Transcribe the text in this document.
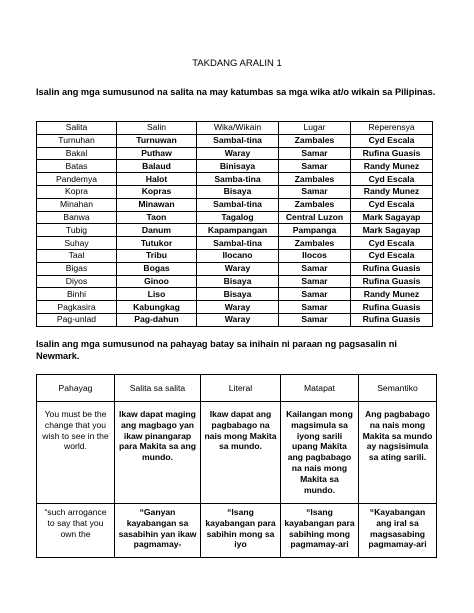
TAKDANG ARALIN 1
Isalin ang mga sumusunod na salita na may katumbas sa mga wika at/o wikain sa Pilipinas.
Salita	Salin	Wika/Wikain	Lugar	Reperensya
Turnuhan	Turnuwan	Sambal-tina	Zambales	Cyd Escala
Bakal	Puthaw	Waray	Samar	Rufina Guasis
Batas	Balaud	Binisaya	Samar	Randy Munez
Pandemya	Halot	Samba-tina	Zambales	Cyd Escala
Kopra	Kopras	Bisaya	Samar	Randy Munez
Minahan	Minawan	Sambal-tina	Zambales	Cyd Escala
Banwa	Taon	Tagalog	Central Luzon	Mark Sagayap
Tubig	Danum	Kapampangan	Pampanga	Mark Sagayap
Suhay	Tutukor	Sambal-tina	Zambales	Cyd Escala
Taal	Tribu	Ilocano	Ilocos	Cyd Escala
Bigas	Bogas	Waray	Samar	Rufina Guasis
Diyos	Ginoo	Bisaya	Samar	Rufina Guasis
Binhi	Liso	Bisaya	Samar	Randy Munez
Pagkasira	Kabungkag	Waray	Samar	Rufina Guasis
Pag-unlad	Pag-dahun	Waray	Samar	Rufina Guasis
Isalin ang mga sumusunod na pahayag batay sa inihain ni paraan ng pagsasalin ni Newmark.
Pahayag	Salita sa salita	Literal	Matapat	Semantiko
You must be the change that you wish to see in the world.	Ikaw dapat maging ang magbago yan ikaw pinangarap para Makita sa ang mundo.	Ikaw dapat ang pagbabago na nais mong Makita sa mundo.	Kailangan mong magsimula sa iyong sarili upang Makita ang pagbabago na nais mong Makita sa mundo.	Ang pagbabago na nais mong Makita sa mundo ay nagsisimula sa ating sarili.
“such arrogance to say that you own the	“Ganyan kayabangan sa sasabihin yan ikaw pagmamay-	“Isang kayabangan para sabihin mong sa iyo	“Isang kayabangan para sabihing mong pagmamay-ari	“Kayabangan ang iral sa magsasabing pagmamay-ari
